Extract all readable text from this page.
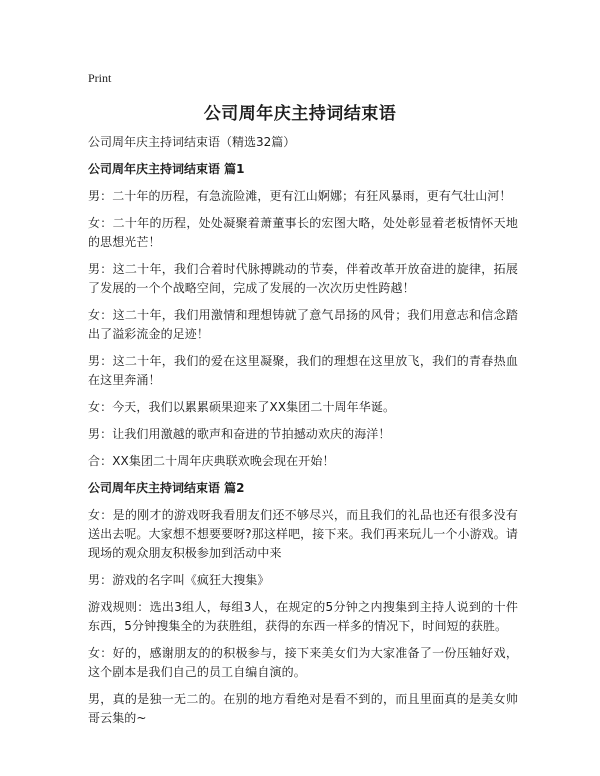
Print
公司周年庆主持词结束语
公司周年庆主持词结束语（精选32篇）
公司周年庆主持词结束语 篇1

男：二十年的历程，有急流险滩，更有江山婀娜；有狂风暴雨，更有气壮山河！

女：二十年的历程，处处凝聚着萧董事长的宏图大略，处处彰显着老板情怀天地的思想光芒！

男：这二十年，我们合着时代脉搏跳动的节奏，伴着改革开放奋进的旋律，拓展了发展的一个个战略空间，完成了发展的一次次历史性跨越！

女：这二十年，我们用激情和理想铸就了意气昂扬的风骨；我们用意志和信念踏出了溢彩流金的足迹！

男：这二十年，我们的爱在这里凝聚，我们的理想在这里放飞，我们的青春热血在这里奔涌！

女：今天，我们以累累硕果迎来了XX集团二十周年华诞。

男：让我们用激越的歌声和奋进的节拍撼动欢庆的海洋！

合：XX集团二十周年庆典联欢晚会现在开始！

公司周年庆主持词结束语 篇2

女：是的刚才的游戏呀我看朋友们还不够尽兴，而且我们的礼品也还有很多没有送出去呢。大家想不想要要呀?那这样吧，接下来。我们再来玩儿一个小游戏。请现场的观众朋友积极参加到活动中来

男：游戏的名字叫《疯狂大搜集》

游戏规则：选出3组人，每组3人，在规定的5分钟之内搜集到主持人说到的十件东西，5分钟搜集全的为获胜组，获得的东西一样多的情况下，时间短的获胜。

女：好的，感谢朋友的的积极参与，接下来美女们为大家准备了一份压轴好戏，这个剧本是我们自己的员工自编自演的。

男，真的是独一无二的。在别的地方看绝对是看不到的，而且里面真的是美女帅哥云集的~
